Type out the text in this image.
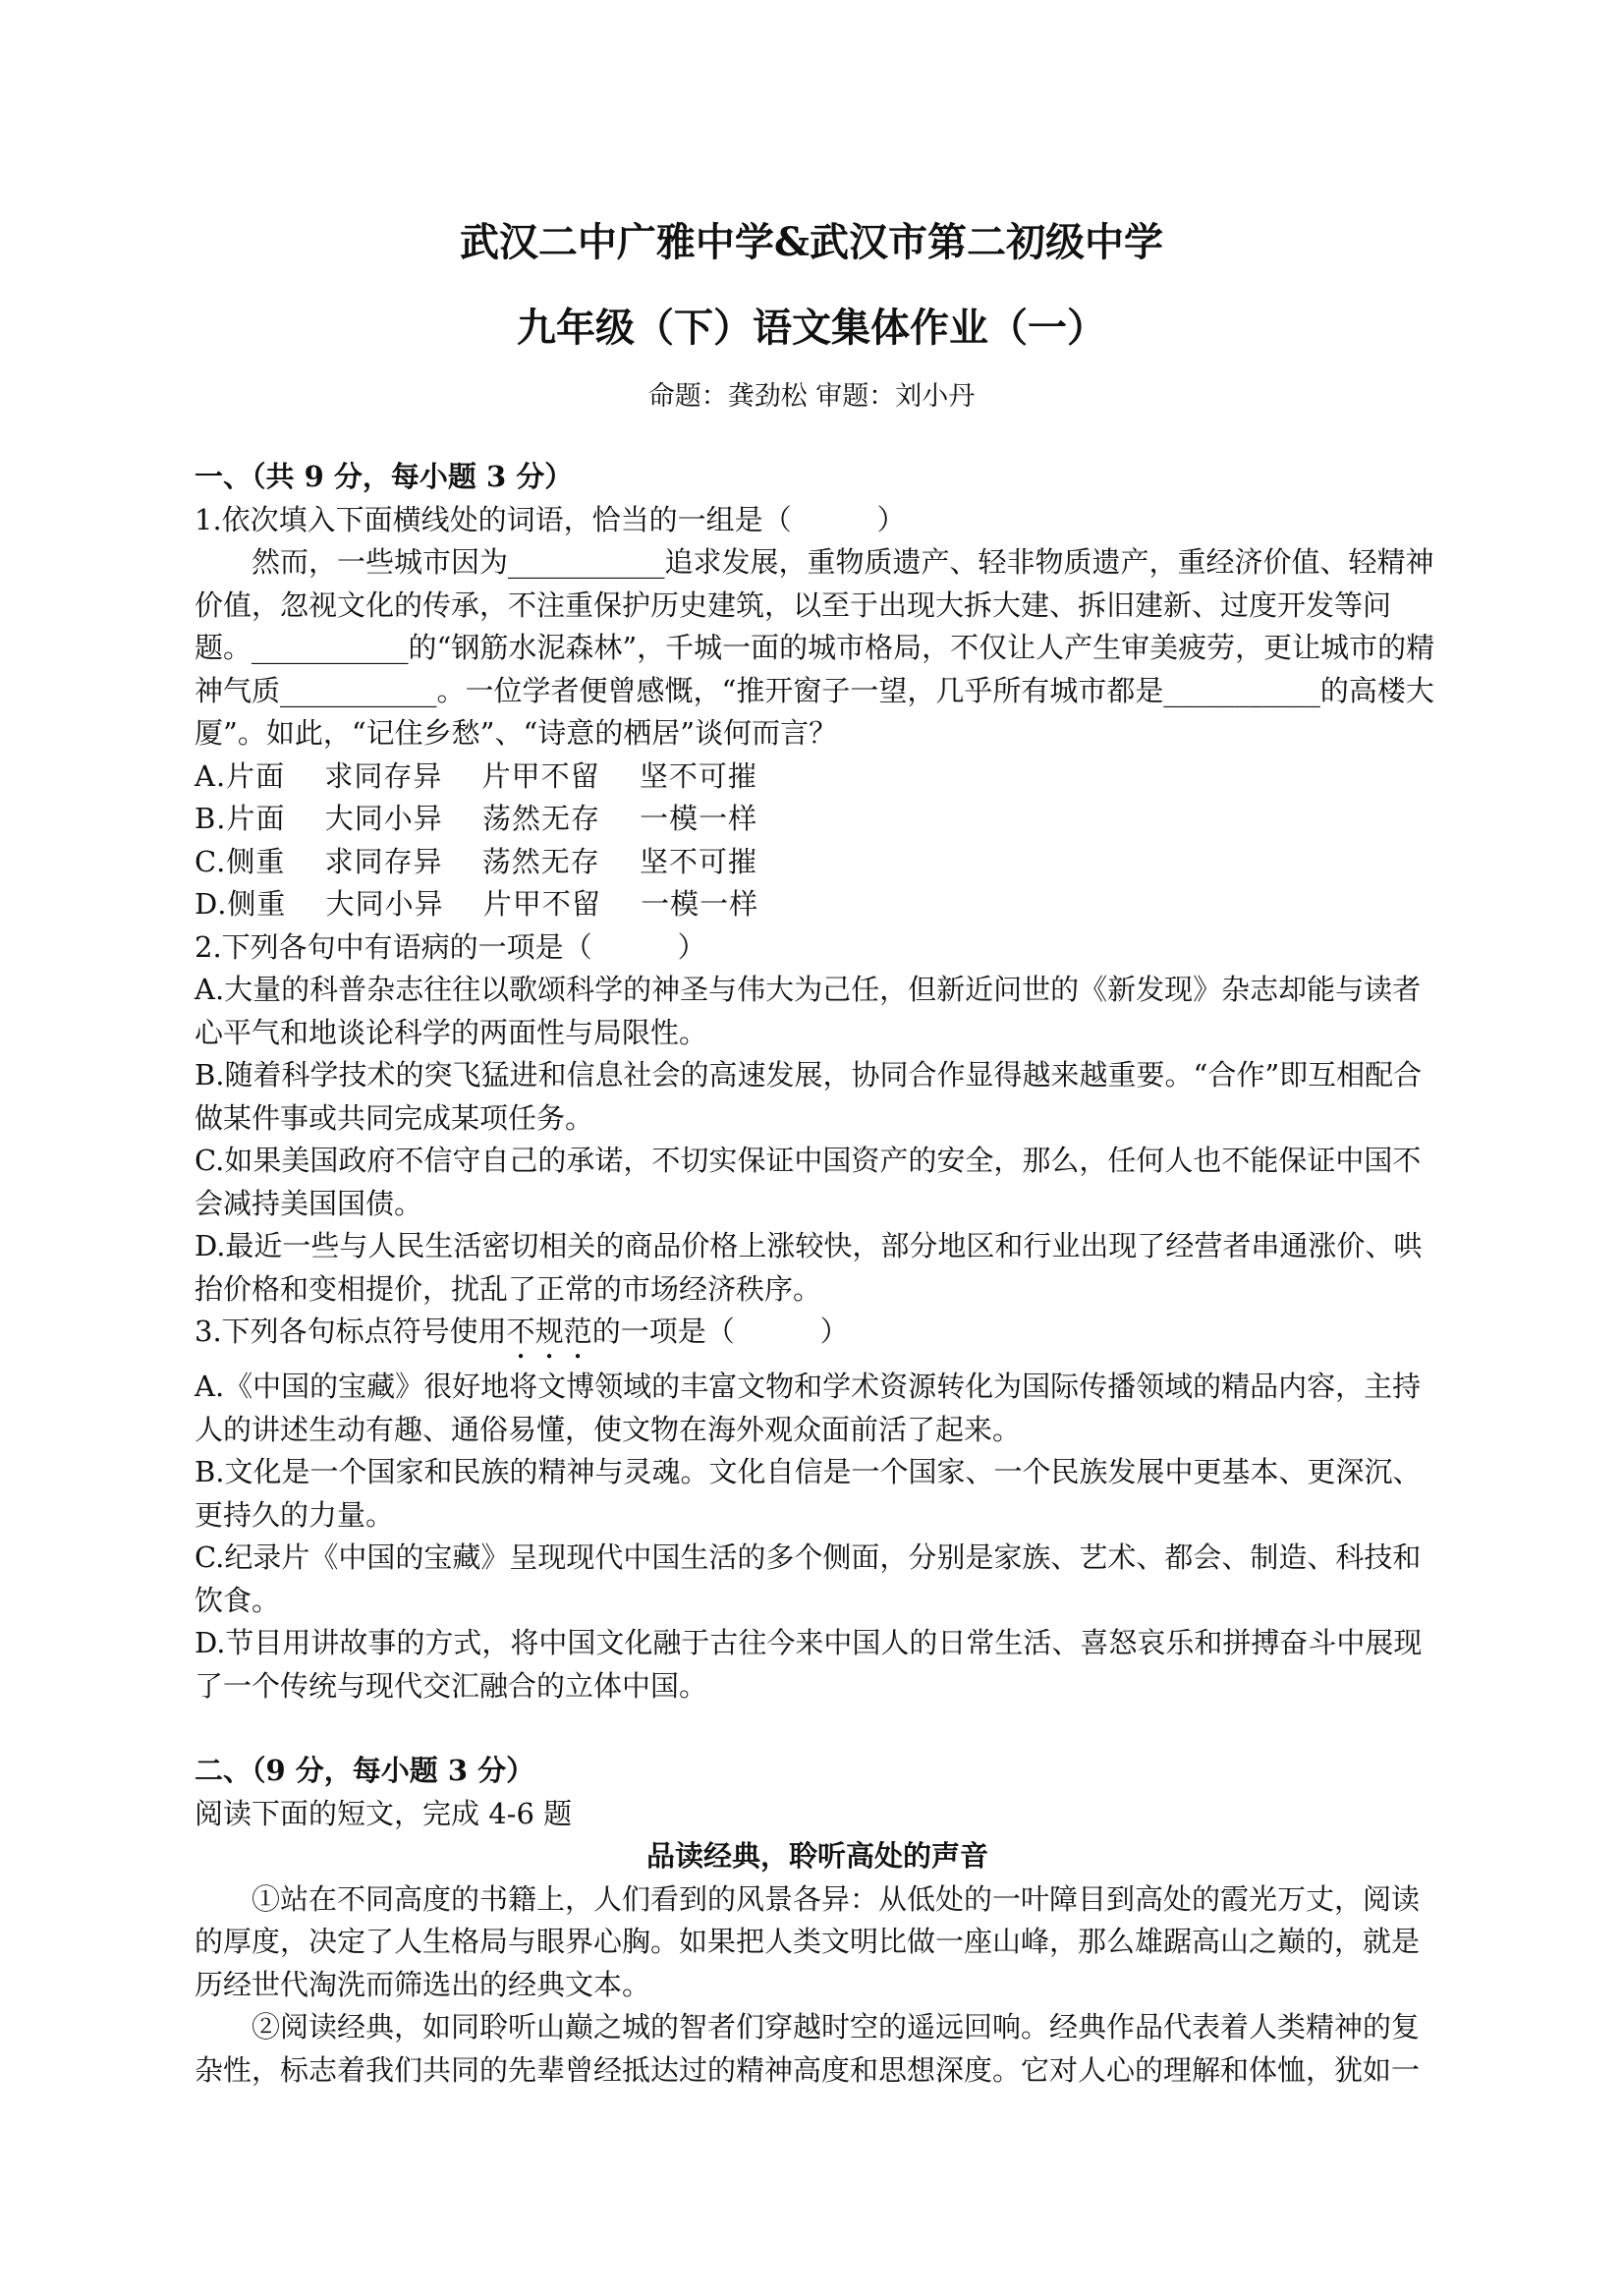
武汉二中广雅中学&武汉市第二初级中学
九年级（下）语文集体作业（一）
命题：龚劲松 审题：刘小丹

一、（共 9 分，每小题 3 分）

1.依次填入下面横线处的词语，恰当的一组是（　　　）

然而，一些城市因为___________追求发展，重物质遗产、轻非物质遗产，重经济价值、轻精神价值，忽视文化的传承，不注重保护历史建筑，以至于出现大拆大建、拆旧建新、过度开发等问题。___________的“钢筋水泥森林”，千城一面的城市格局，不仅让人产生审美疲劳，更让城市的精神气质___________。一位学者便曾感慨，“推开窗子一望，几乎所有城市都是___________的高楼大厦”。如此，“记住乡愁”、“诗意的栖居”谈何而言？

A.片面　 求同存异　 片甲不留　 坚不可摧

B.片面　 大同小异　 荡然无存　 一模一样

C.侧重　 求同存异　 荡然无存　 坚不可摧

D.侧重　 大同小异　 片甲不留　 一模一样

2.下列各句中有语病的一项是（　　　）

A.大量的科普杂志往往以歌颂科学的神圣与伟大为己任，但新近问世的《新发现》杂志却能与读者心平气和地谈论科学的两面性与局限性。

B.随着科学技术的突飞猛进和信息社会的高速发展，协同合作显得越来越重要。“合作”即互相配合做某件事或共同完成某项任务。

C.如果美国政府不信守自己的承诺，不切实保证中国资产的安全，那么，任何人也不能保证中国不会减持美国国债。

D.最近一些与人民生活密切相关的商品价格上涨较快，部分地区和行业出现了经营者串通涨价、哄抬价格和变相提价，扰乱了正常的市场经济秩序。

3.下列各句标点符号使用不规范的一项是（　　　）

A.《中国的宝藏》很好地将文博领域的丰富文物和学术资源转化为国际传播领域的精品内容，主持人的讲述生动有趣、通俗易懂，使文物在海外观众面前活了起来。

B.文化是一个国家和民族的精神与灵魂。文化自信是一个国家、一个民族发展中更基本、更深沉、更持久的力量。

C.纪录片《中国的宝藏》呈现现代中国生活的多个侧面，分别是家族、艺术、都会、制造、科技和饮食。

D.节目用讲故事的方式，将中国文化融于古往今来中国人的日常生活、喜怒哀乐和拼搏奋斗中展现了一个传统与现代交汇融合的立体中国。

二、（9 分，每小题 3 分）

阅读下面的短文，完成 4-6 题

品读经典，聆听高处的声音

①站在不同高度的书籍上，人们看到的风景各异：从低处的一叶障目到高处的霞光万丈，阅读的厚度，决定了人生格局与眼界心胸。如果把人类文明比做一座山峰，那么雄踞高山之巅的，就是历经世代淘洗而筛选出的经典文本。

②阅读经典，如同聆听山巅之城的智者们穿越时空的遥远回响。经典作品代表着人类精神的复杂性，标志着我们共同的先辈曾经抵达过的精神高度和思想深度。它对人心的理解和体恤，犹如一
